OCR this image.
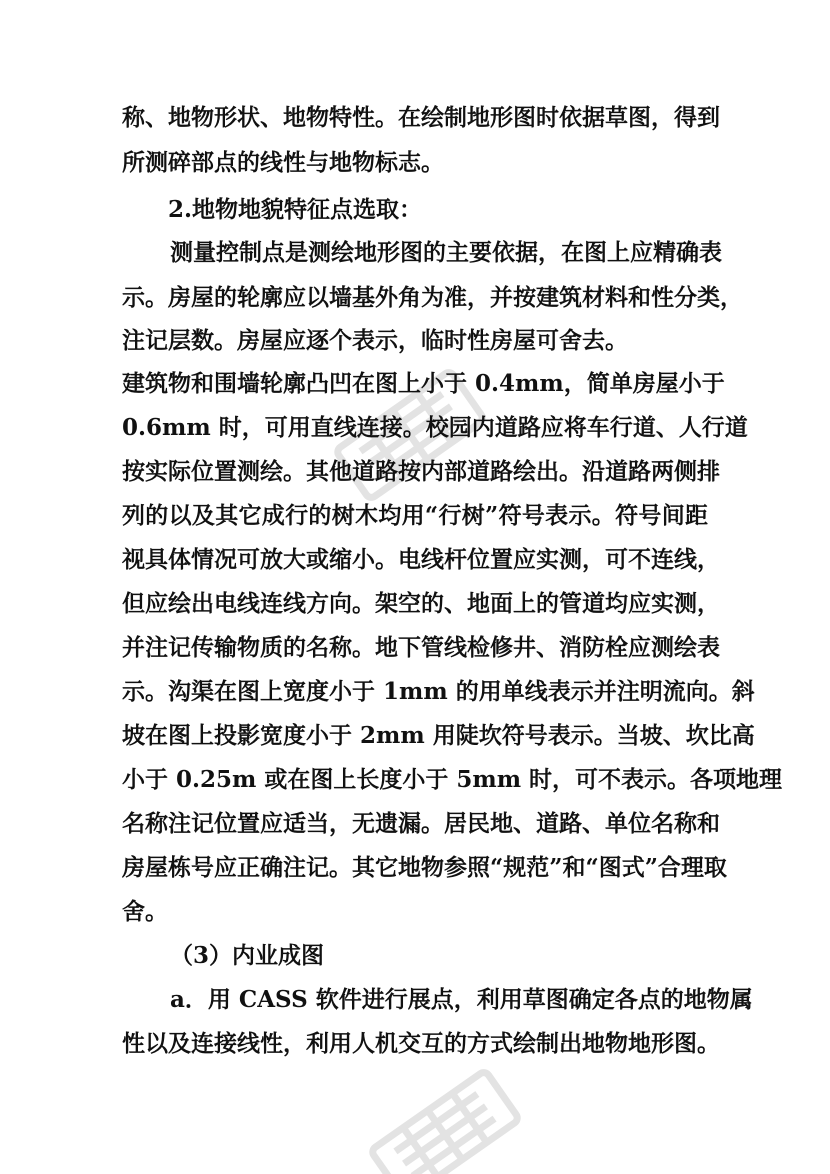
称、地物形状、地物特性。在绘制地形图时依据草图，得到
所测碎部点的线性与地物标志。
2.地物地貌特征点选取：
测量控制点是测绘地形图的主要依据，在图上应精确表
示。房屋的轮廓应以墙基外角为准，并按建筑材料和性分类，
注记层数。房屋应逐个表示，临时性房屋可舍去。
建筑物和围墙轮廓凸凹在图上小于 0.4mm，简单房屋小于
0.6mm 时，可用直线连接。校园内道路应将车行道、人行道
按实际位置测绘。其他道路按内部道路绘出。沿道路两侧排
列的以及其它成行的树木均用“行树”符号表示。符号间距
视具体情况可放大或缩小。电线杆位置应实测，可不连线，
但应绘出电线连线方向。架空的、地面上的管道均应实测，
并注记传输物质的名称。地下管线检修井、消防栓应测绘表
示。沟渠在图上宽度小于 1mm 的用单线表示并注明流向。斜
坡在图上投影宽度小于 2mm 用陡坎符号表示。当坡、坎比高
小于 0.25m 或在图上长度小于 5mm 时，可不表示。各项地理
名称注记位置应适当，无遗漏。居民地、道路、单位名称和
房屋栋号应正确注记。其它地物参照“规范”和“图式”合理取
舍。
（3）内业成图
a．用 CASS 软件进行展点，利用草图确定各点的地物属
性以及连接线性，利用人机交互的方式绘制出地物地形图。
